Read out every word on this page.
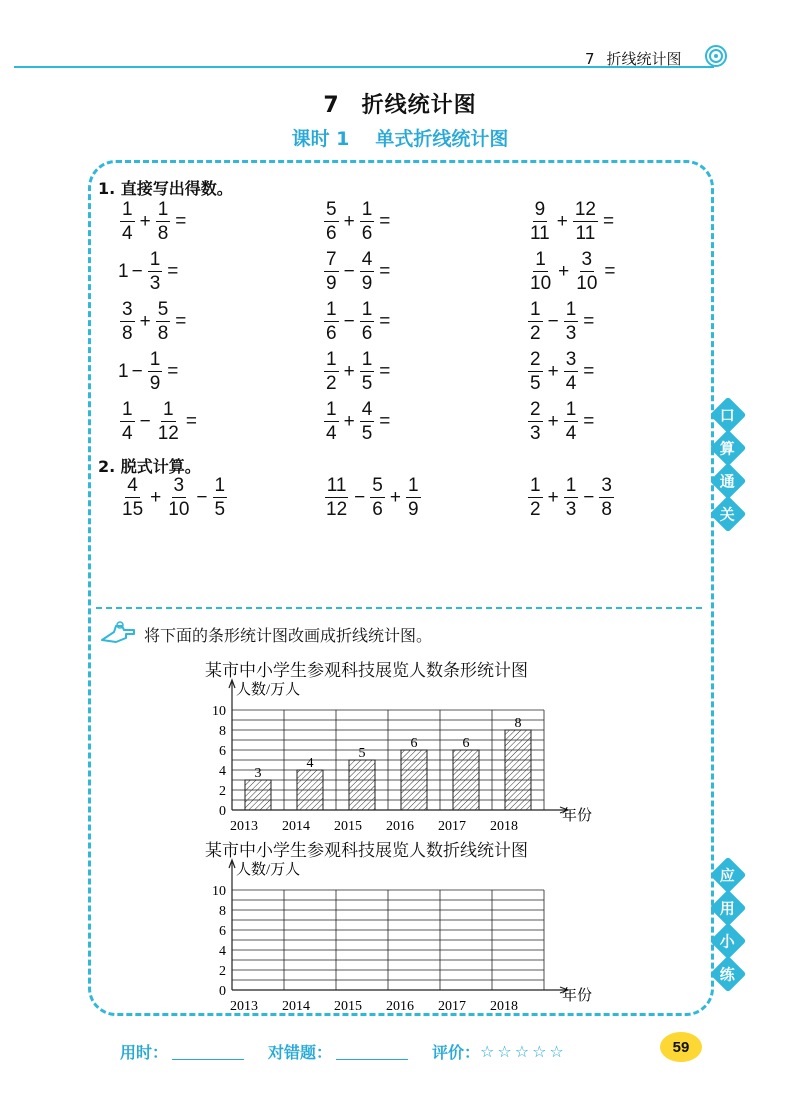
7 折线统计图
7 折线统计图
课时 1 单式折线统计图
1. 直接写出得数。
$\frac{1}{4} + \frac{1}{8}$ =	$\frac{5}{6} + \frac{1}{6}$ =	$\frac{9}{11} + \frac{12}{11}$ =
$1 - \frac{1}{3}$ =	$\frac{7}{9} - \frac{4}{9}$ =	$\frac{1}{10} + \frac{3}{10}$ =
$\frac{3}{8} + \frac{5}{8}$ =	$\frac{1}{6} - \frac{1}{6}$ =	$\frac{1}{2} - \frac{1}{3}$ =
$1 - \frac{1}{9}$ =	$\frac{1}{2} + \frac{1}{5}$ =	$\frac{2}{5} + \frac{3}{4}$ =
$\frac{1}{4} - \frac{1}{12}$ =	$\frac{1}{4} + \frac{4}{5}$ =	$\frac{2}{3} + \frac{1}{4}$ =
2. 脱式计算。
$\frac{4}{15} + \frac{3}{10} - \frac{1}{5}$	$\frac{11}{12} - \frac{5}{6} + \frac{1}{9}$	$\frac{1}{2} + \frac{1}{3} - \frac{3}{8}$
口
算
通
关
应
用
小
练
将下面的条形统计图改画成折线统计图。
某市中小学生参观科技展览人数条形统计图
人数/万人
年份
0
2
4
6
8
10
2013
3
2014
4
2015
5
2016
6
2017
6
2018
8
某市中小学生参观科技展览人数折线统计图
人数/万人
年份
0
2
4
6
8
10
2013 2014 2015 2016 2017 2018
用时：	对错题：	评价： ☆☆☆☆☆	59
